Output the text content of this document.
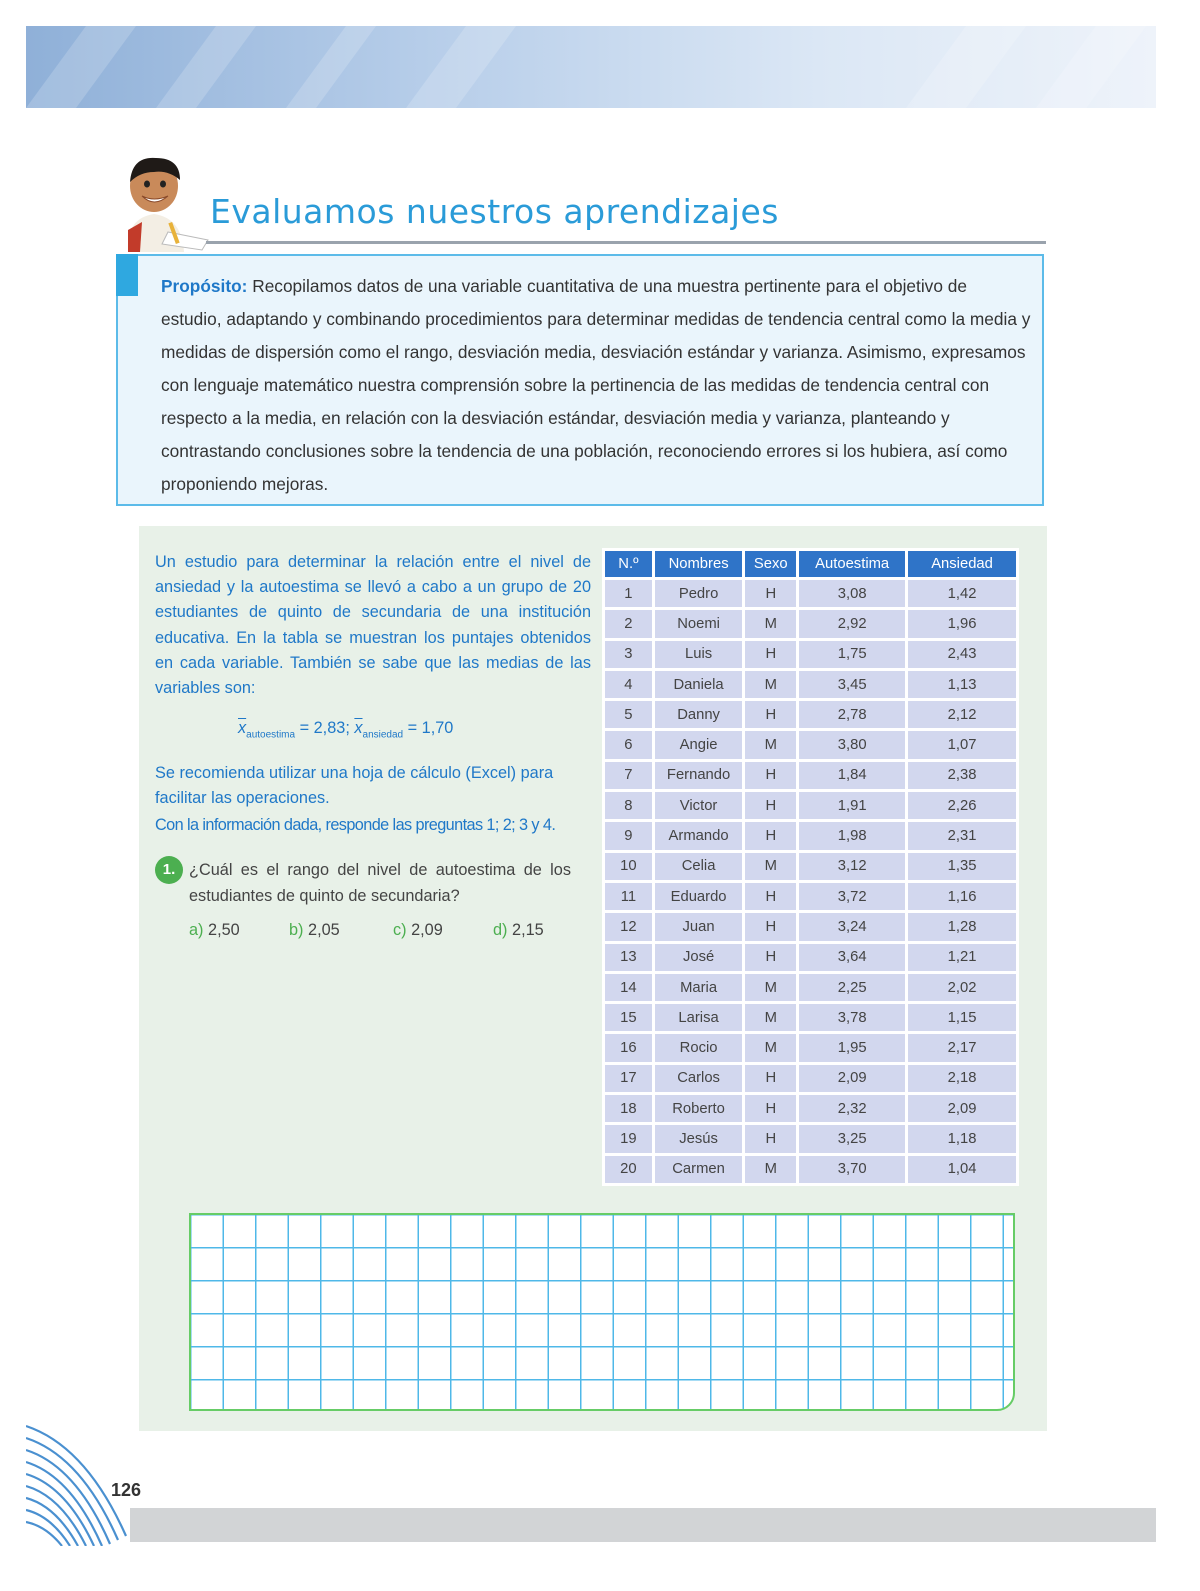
Evaluamos nuestros aprendizajes
Propósito: Recopilamos datos de una variable cuantitativa de una muestra pertinente para el objetivo de estudio, adaptando y combinando procedimientos para determinar medidas de tendencia central como la media y medidas de dispersión como el rango, desviación media, desviación estándar y varianza. Asimismo, expresamos con lenguaje matemático nuestra comprensión sobre la pertinencia de las medidas de tendencia central con respecto a la media, en relación con la desviación estándar, desviación media y varianza, planteando y contrastando conclusiones sobre la tendencia de una población, reconociendo errores si los hubiera, así como proponiendo mejoras.
Un estudio para determinar la relación entre el nivel de ansiedad y la autoestima se llevó a cabo a un grupo de 20 estudiantes de quinto de secundaria de una institución educativa. En la tabla se muestran los puntajes obtenidos en cada variable. También se sabe que las medias de las variables son:
$\overline{x}_{autoestima} = 2,83$; $\overline{x}_{ansiedad} = 1,70$
Se recomienda utilizar una hoja de cálculo (Excel) para facilitar las operaciones.
Con la información dada, responde las preguntas 1; 2; 3 y 4.
1. ¿Cuál es el rango del nivel de autoestima de los estudiantes de quinto de secundaria?
a) 2,50	b) 2,05	c) 2,09	d) 2,15
N.º	Nombres	Sexo	Autoestima	Ansiedad
1	Pedro	H	3,08	1,42
2	Noemi	M	2,92	1,96
3	Luis	H	1,75	2,43
4	Daniela	M	3,45	1,13
5	Danny	H	2,78	2,12
6	Angie	M	3,80	1,07
7	Fernando	H	1,84	2,38
8	Victor	H	1,91	2,26
9	Armando	H	1,98	2,31
10	Celia	M	3,12	1,35
11	Eduardo	H	3,72	1,16
12	Juan	H	3,24	1,28
13	José	H	3,64	1,21
14	Maria	M	2,25	2,02
15	Larisa	M	3,78	1,15
16	Rocio	M	1,95	2,17
17	Carlos	H	2,09	2,18
18	Roberto	H	2,32	2,09
19	Jesús	H	3,25	1,18
20	Carmen	M	3,70	1,04
126
